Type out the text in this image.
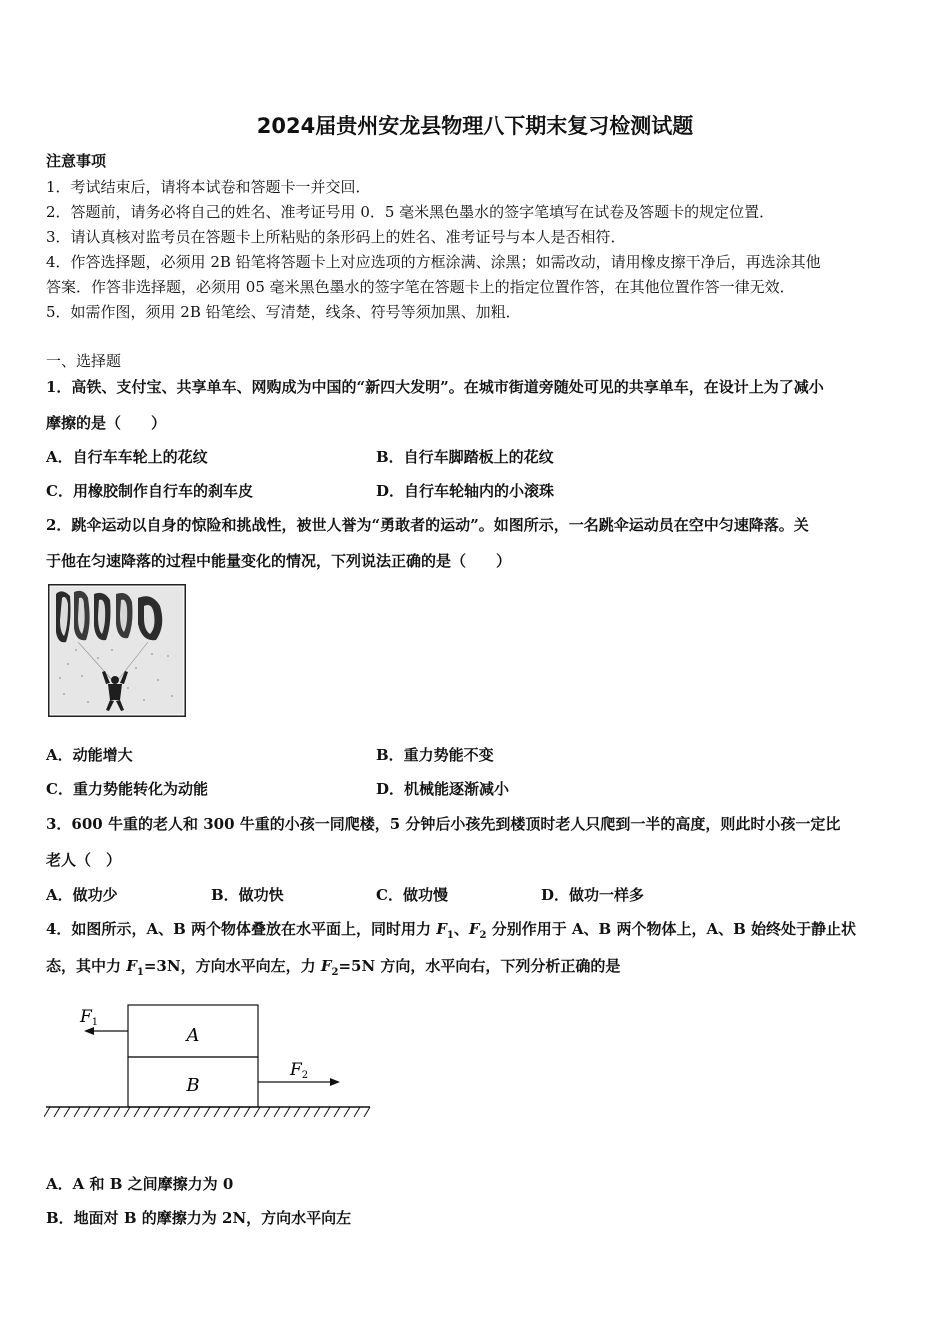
2024届贵州安龙县物理八下期末复习检测试题
注意事项
1．考试结束后，请将本试卷和答题卡一并交回．
2．答题前，请务必将自己的姓名、准考证号用 0．5 毫米黑色墨水的签字笔填写在试卷及答题卡的规定位置．
3．请认真核对监考员在答题卡上所粘贴的条形码上的姓名、准考证号与本人是否相符．
4．作答选择题，必须用 2B 铅笔将答题卡上对应选项的方框涂满、涂黑；如需改动，请用橡皮擦干净后，再选涂其他
答案．作答非选择题，必须用 05 毫米黑色墨水的签字笔在答题卡上的指定位置作答，在其他位置作答一律无效．
5．如需作图，须用 2B 铅笔绘、写清楚，线条、符号等须加黑、加粗．
一、选择题
1．高铁、支付宝、共享单车、网购成为中国的“新四大发明”。在城市街道旁随处可见的共享单车，在设计上为了减小
摩擦的是（　　）
A．自行车车轮上的花纹	B．自行车脚踏板上的花纹
C．用橡胶制作自行车的刹车皮	D．自行车轮轴内的小滚珠
2．跳伞运动以自身的惊险和挑战性，被世人誉为“勇敢者的运动”。如图所示，一名跳伞运动员在空中匀速降落。关
于他在匀速降落的过程中能量变化的情况，下列说法正确的是（　　）
A．动能增大	B．重力势能不变
C．重力势能转化为动能	D．机械能逐渐减小
3．600 牛重的老人和 300 牛重的小孩一同爬楼，5 分钟后小孩先到楼顶时老人只爬到一半的高度，则此时小孩一定比
老人（　）
A．做功少	B．做功快	C．做功慢	D．做功一样多
4．如图所示，A、B 两个物体叠放在水平面上，同时用力 $F_1$、$F_2$ 分别作用于 A、B 两个物体上，A、B 始终处于静止状
态，其中力 $F_1=3N$，方向水平向左，力 $F_2=5N$ 方向，水平向右，下列分析正确的是
A
B
F1
F2
A．A 和 B 之间摩擦力为 0
B．地面对 B 的摩擦力为 2N，方向水平向左
